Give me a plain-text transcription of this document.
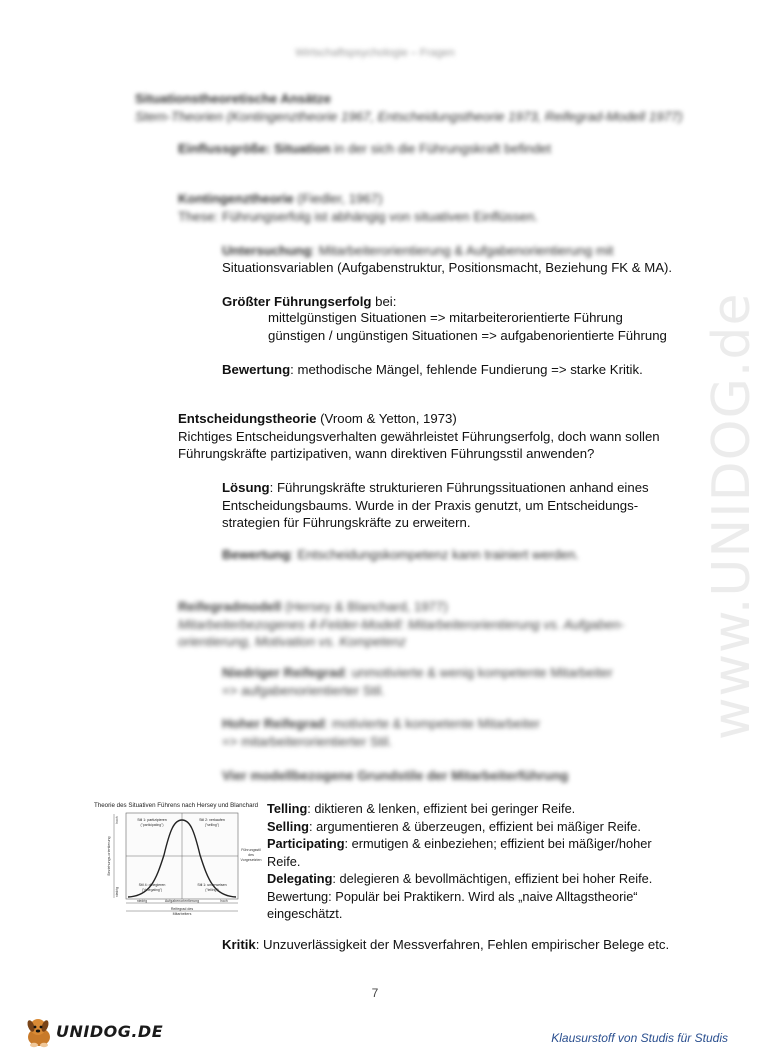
www.UNIDOG.de
Wirtschaftspsychologie – Fragen
Situationstheoretische Ansätze
Stern-Theorien (Kontingenztheorie 1967, Entscheidungstheorie 1973, Reifegrad-Modell 1977)
Einflussgröße: Situation in der sich die Führungskraft befindet
Kontingenztheorie (Fiedler, 1967)
These: Führungserfolg ist abhängig von situativen Einflüssen.
Untersuchung: Mitarbeiterorientierung & Aufgabenorientierung mit
Situationsvariablen (Aufgabenstruktur, Positionsmacht, Beziehung FK & MA).
Größter Führungserfolg bei:
mittelgünstigen Situationen => mitarbeiterorientierte Führung
günstigen / ungünstigen Situationen => aufgabenorientierte Führung
Bewertung: methodische Mängel, fehlende Fundierung => starke Kritik.
Entscheidungstheorie (Vroom & Yetton, 1973)
Richtiges Entscheidungsverhalten gewährleistet Führungserfolg, doch wann sollen
Führungskräfte partizipativen, wann direktiven Führungsstil anwenden?
Lösung: Führungskräfte strukturieren Führungssituationen anhand eines
Entscheidungsbaums. Wurde in der Praxis genutzt, um Entscheidungs-
strategien für Führungskräfte zu erweitern.
Bewertung: Entscheidungskompetenz kann trainiert werden.
Reifegradmodell (Hersey & Blanchard, 1977)
Mitarbeiterbezogenes 4-Felder-Modell: Mitarbeiterorientierung vs. Aufgaben-
orientierung, Motivation vs. Kompetenz
Niedriger Reifegrad: unmotivierte & wenig kompetente Mitarbeiter
=> aufgabenorientierter Stil.
Hoher Reifegrad: motivierte & kompetente Mitarbeiter
=> mitarbeiterorientierter Stil.
Vier modellbezogene Grundstile der Mitarbeiterführung
Theorie des Situativen Führens nach Hersey und Blanchard
Stil 1: partizipieren
("participating")
Stil 2: verkaufen
("selling")
Stil 4: delegieren
("delegating")
Stil 1: unterweisen
("telling")
Beziehungs-orientierung
hoch
niedrig
Führungsstil
des
Vorgesetzten
niedrig	Aufgabenorientierung	hoch
Reifegrad des
Mitarbeiters
Telling: diktieren & lenken, effizient bei geringer Reife.
Selling: argumentieren & überzeugen, effizient bei mäßiger Reife.
Participating: ermutigen & einbeziehen; effizient bei mäßiger/hoher
Reife.
Delegating: delegieren & bevollmächtigen, effizient bei hoher Reife.
Bewertung: Populär bei Praktikern. Wird als „naive Alltagstheorie“
eingeschätzt.
Kritik: Unzuverlässigkeit der Messverfahren, Fehlen empirischer Belege etc.
7
UNIDOG.DE	Klausurstoff von Studis für Studis
